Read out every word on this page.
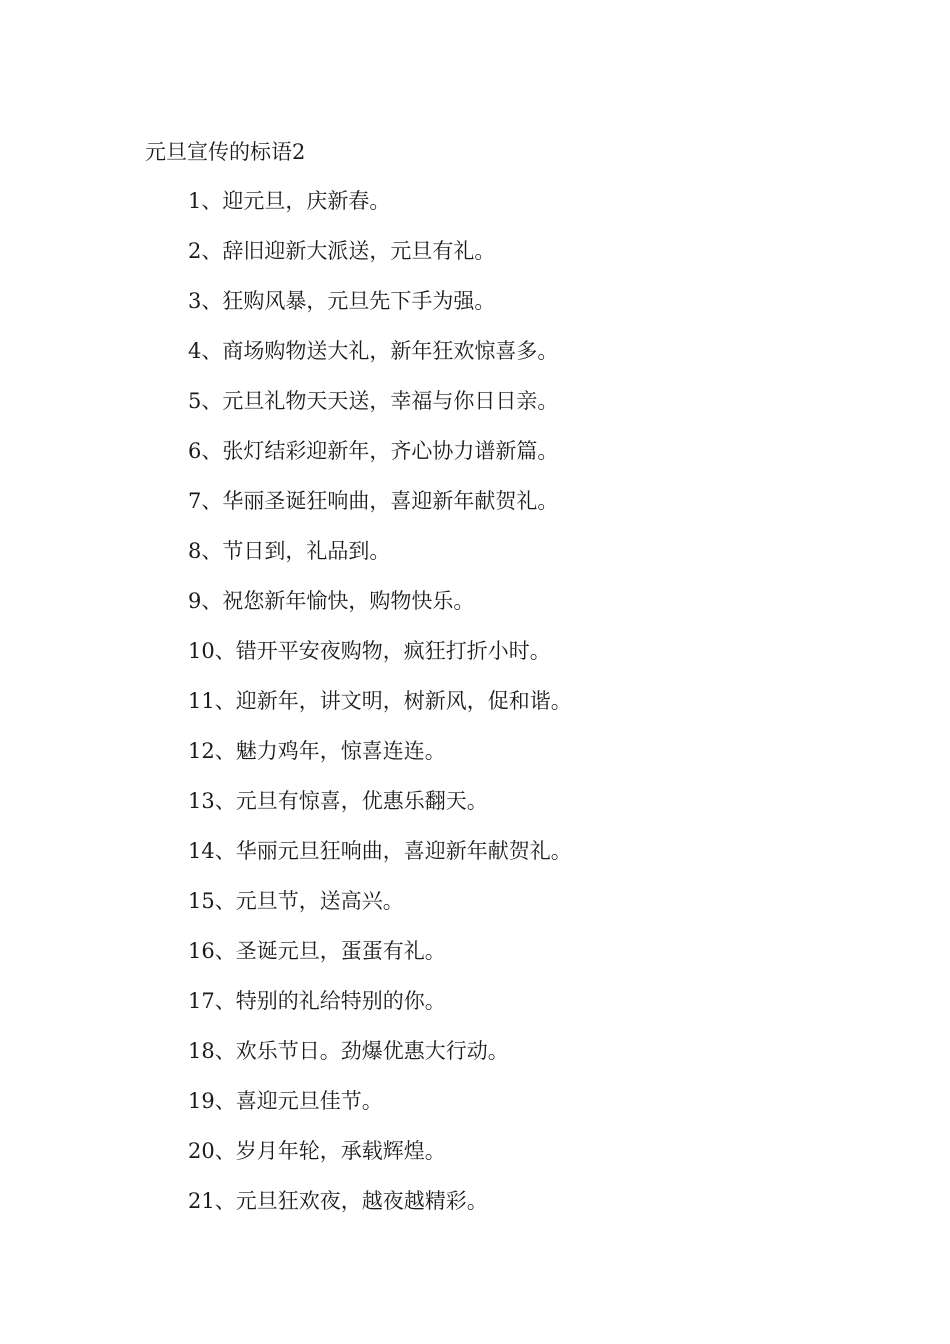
元旦宣传的标语2
1、迎元旦，庆新春。
2、辞旧迎新大派送，元旦有礼。
3、狂购风暴，元旦先下手为强。
4、商场购物送大礼，新年狂欢惊喜多。
5、元旦礼物天天送，幸福与你日日亲。
6、张灯结彩迎新年，齐心协力谱新篇。
7、华丽圣诞狂响曲，喜迎新年献贺礼。
8、节日到，礼品到。
9、祝您新年愉快，购物快乐。
10、错开平安夜购物，疯狂打折小时。
11、迎新年，讲文明，树新风，促和谐。
12、魅力鸡年，惊喜连连。
13、元旦有惊喜，优惠乐翻天。
14、华丽元旦狂响曲，喜迎新年献贺礼。
15、元旦节，送高兴。
16、圣诞元旦，蛋蛋有礼。
17、特别的礼给特别的你。
18、欢乐节日。劲爆优惠大行动。
19、喜迎元旦佳节。
20、岁月年轮，承载辉煌。
21、元旦狂欢夜，越夜越精彩。
